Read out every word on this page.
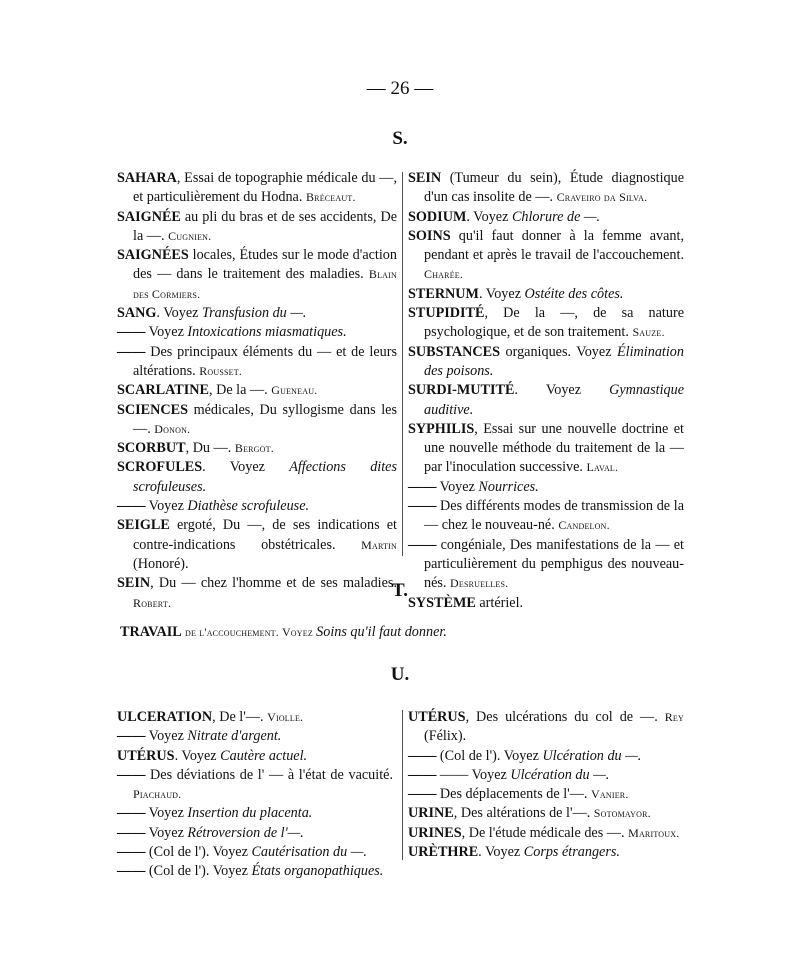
— 26 —
S.
SAHARA, Essai de topographie médicale du —, et particulièrement du Hodna. Bréceaut.
SAIGNÉE au pli du bras et de ses accidents, De la —. Cugnien.
SAIGNÉES locales, Études sur le mode d'action des — dans le traitement des maladies. Blain des Cormiers.
SANG. Voyez Transfusion du —.
—— Voyez Intoxications miasmatiques.
—— Des principaux éléments du — et de leurs altérations. Rousset.
SCARLATINE, De la —. Gueneau.
SCIENCES médicales, Du syllogisme dans les —. Donon.
SCORBUT, Du —. Bergot.
SCROFULES. Voyez Affections dites scrofuleuses.
—— Voyez Diathèse scrofuleuse.
SEIGLE ergoté, Du —, de ses indications et contre-indications obstétricales. Martin (Honoré).
SEIN, Du — chez l'homme et de ses maladies. Robert.
SEIN (Tumeur du sein), Étude diagnostique d'un cas insolite de —. Craveiro da Silva.
SODIUM. Voyez Chlorure de —.
SOINS qu'il faut donner à la femme avant, pendant et après le travail de l'accouchement. Charée.
STERNUM. Voyez Ostéite des côtes.
STUPIDITÉ, De la —, de sa nature psychologique, et de son traitement. Sauze.
SUBSTANCES organiques. Voyez Élimination des poisons.
SURDI-MUTITÉ. Voyez Gymnastique auditive.
SYPHILIS, Essai sur une nouvelle doctrine et une nouvelle méthode du traitement de la — par l'inoculation successive. Laval.
—— Voyez Nourrices.
—— Des différents modes de transmission de la — chez le nouveau-né. Candelon.
—— congéniale, Des manifestations de la — et particulièrement du pemphigus des nouveau-nés. Desruelles.
SYSTÈME artériel.
T.
TRAVAIL de l'accouchement. Voyez Soins qu'il faut donner.
U.
ULCERATION, De l'—. Violle.
—— Voyez Nitrate d'argent.
UTÉRUS. Voyez Cautère actuel.
—— Des déviations de l' — à l'état de vacuité. Piachaud.
—— Voyez Insertion du placenta.
—— Voyez Rétroversion de l'—.
—— (Col de l'). Voyez Cautérisation du —.
—— (Col de l'). Voyez États organopathiques.
UTÉRUS, Des ulcérations du col de —. Rey (Félix).
—— (Col de l'). Voyez Ulcération du —.
—— —— Voyez Ulcération du —.
—— Des déplacements de l'—. Vanier.
URINE, Des altérations de l'—. Sotomayor.
URINES, De l'étude médicale des —. Maritoux.
URÈTHRE. Voyez Corps étrangers.
